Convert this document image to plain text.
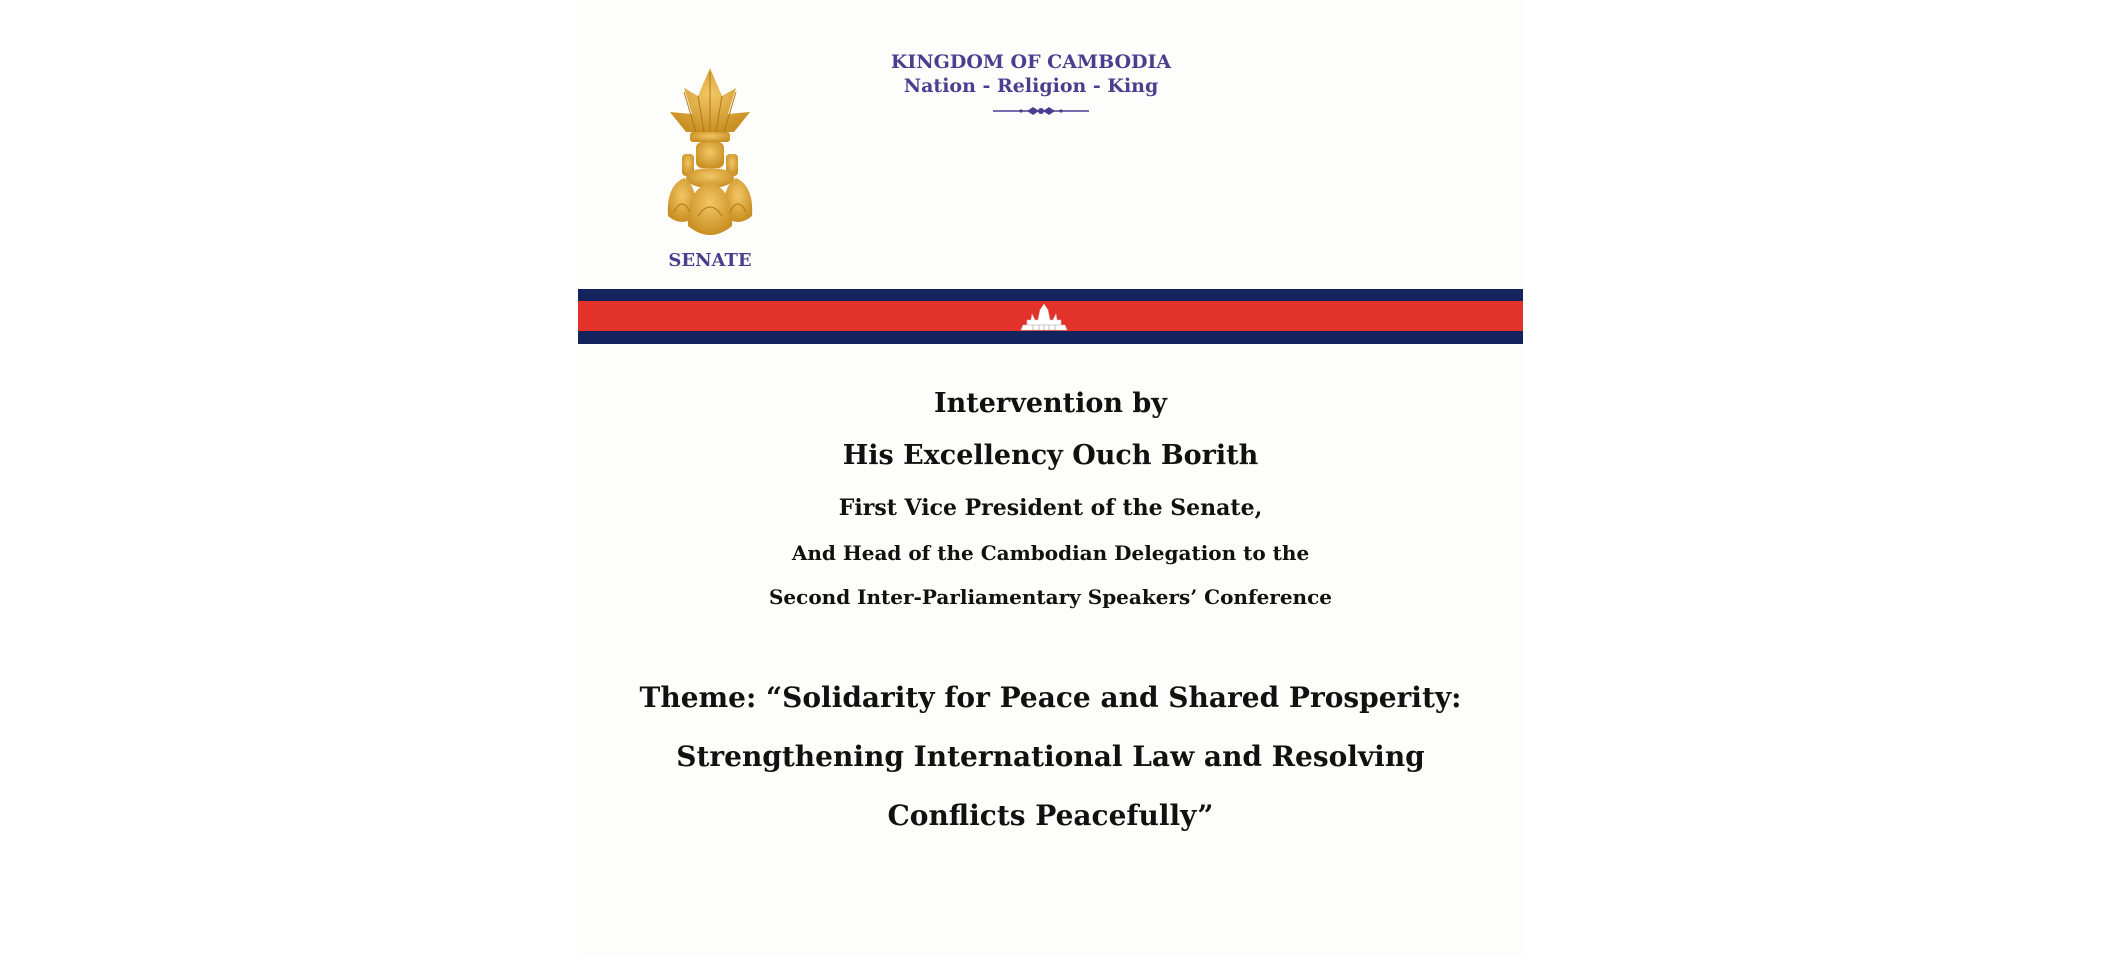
SENATE
KINGDOM OF CAMBODIA
Nation - Religion - King
Intervention by
His Excellency Ouch Borith
First Vice President of the Senate,
And Head of the Cambodian Delegation to the
Second Inter-Parliamentary Speakers’ Conference
Theme: “Solidarity for Peace and Shared Prosperity: Strengthening International Law and Resolving Conflicts Peacefully”
